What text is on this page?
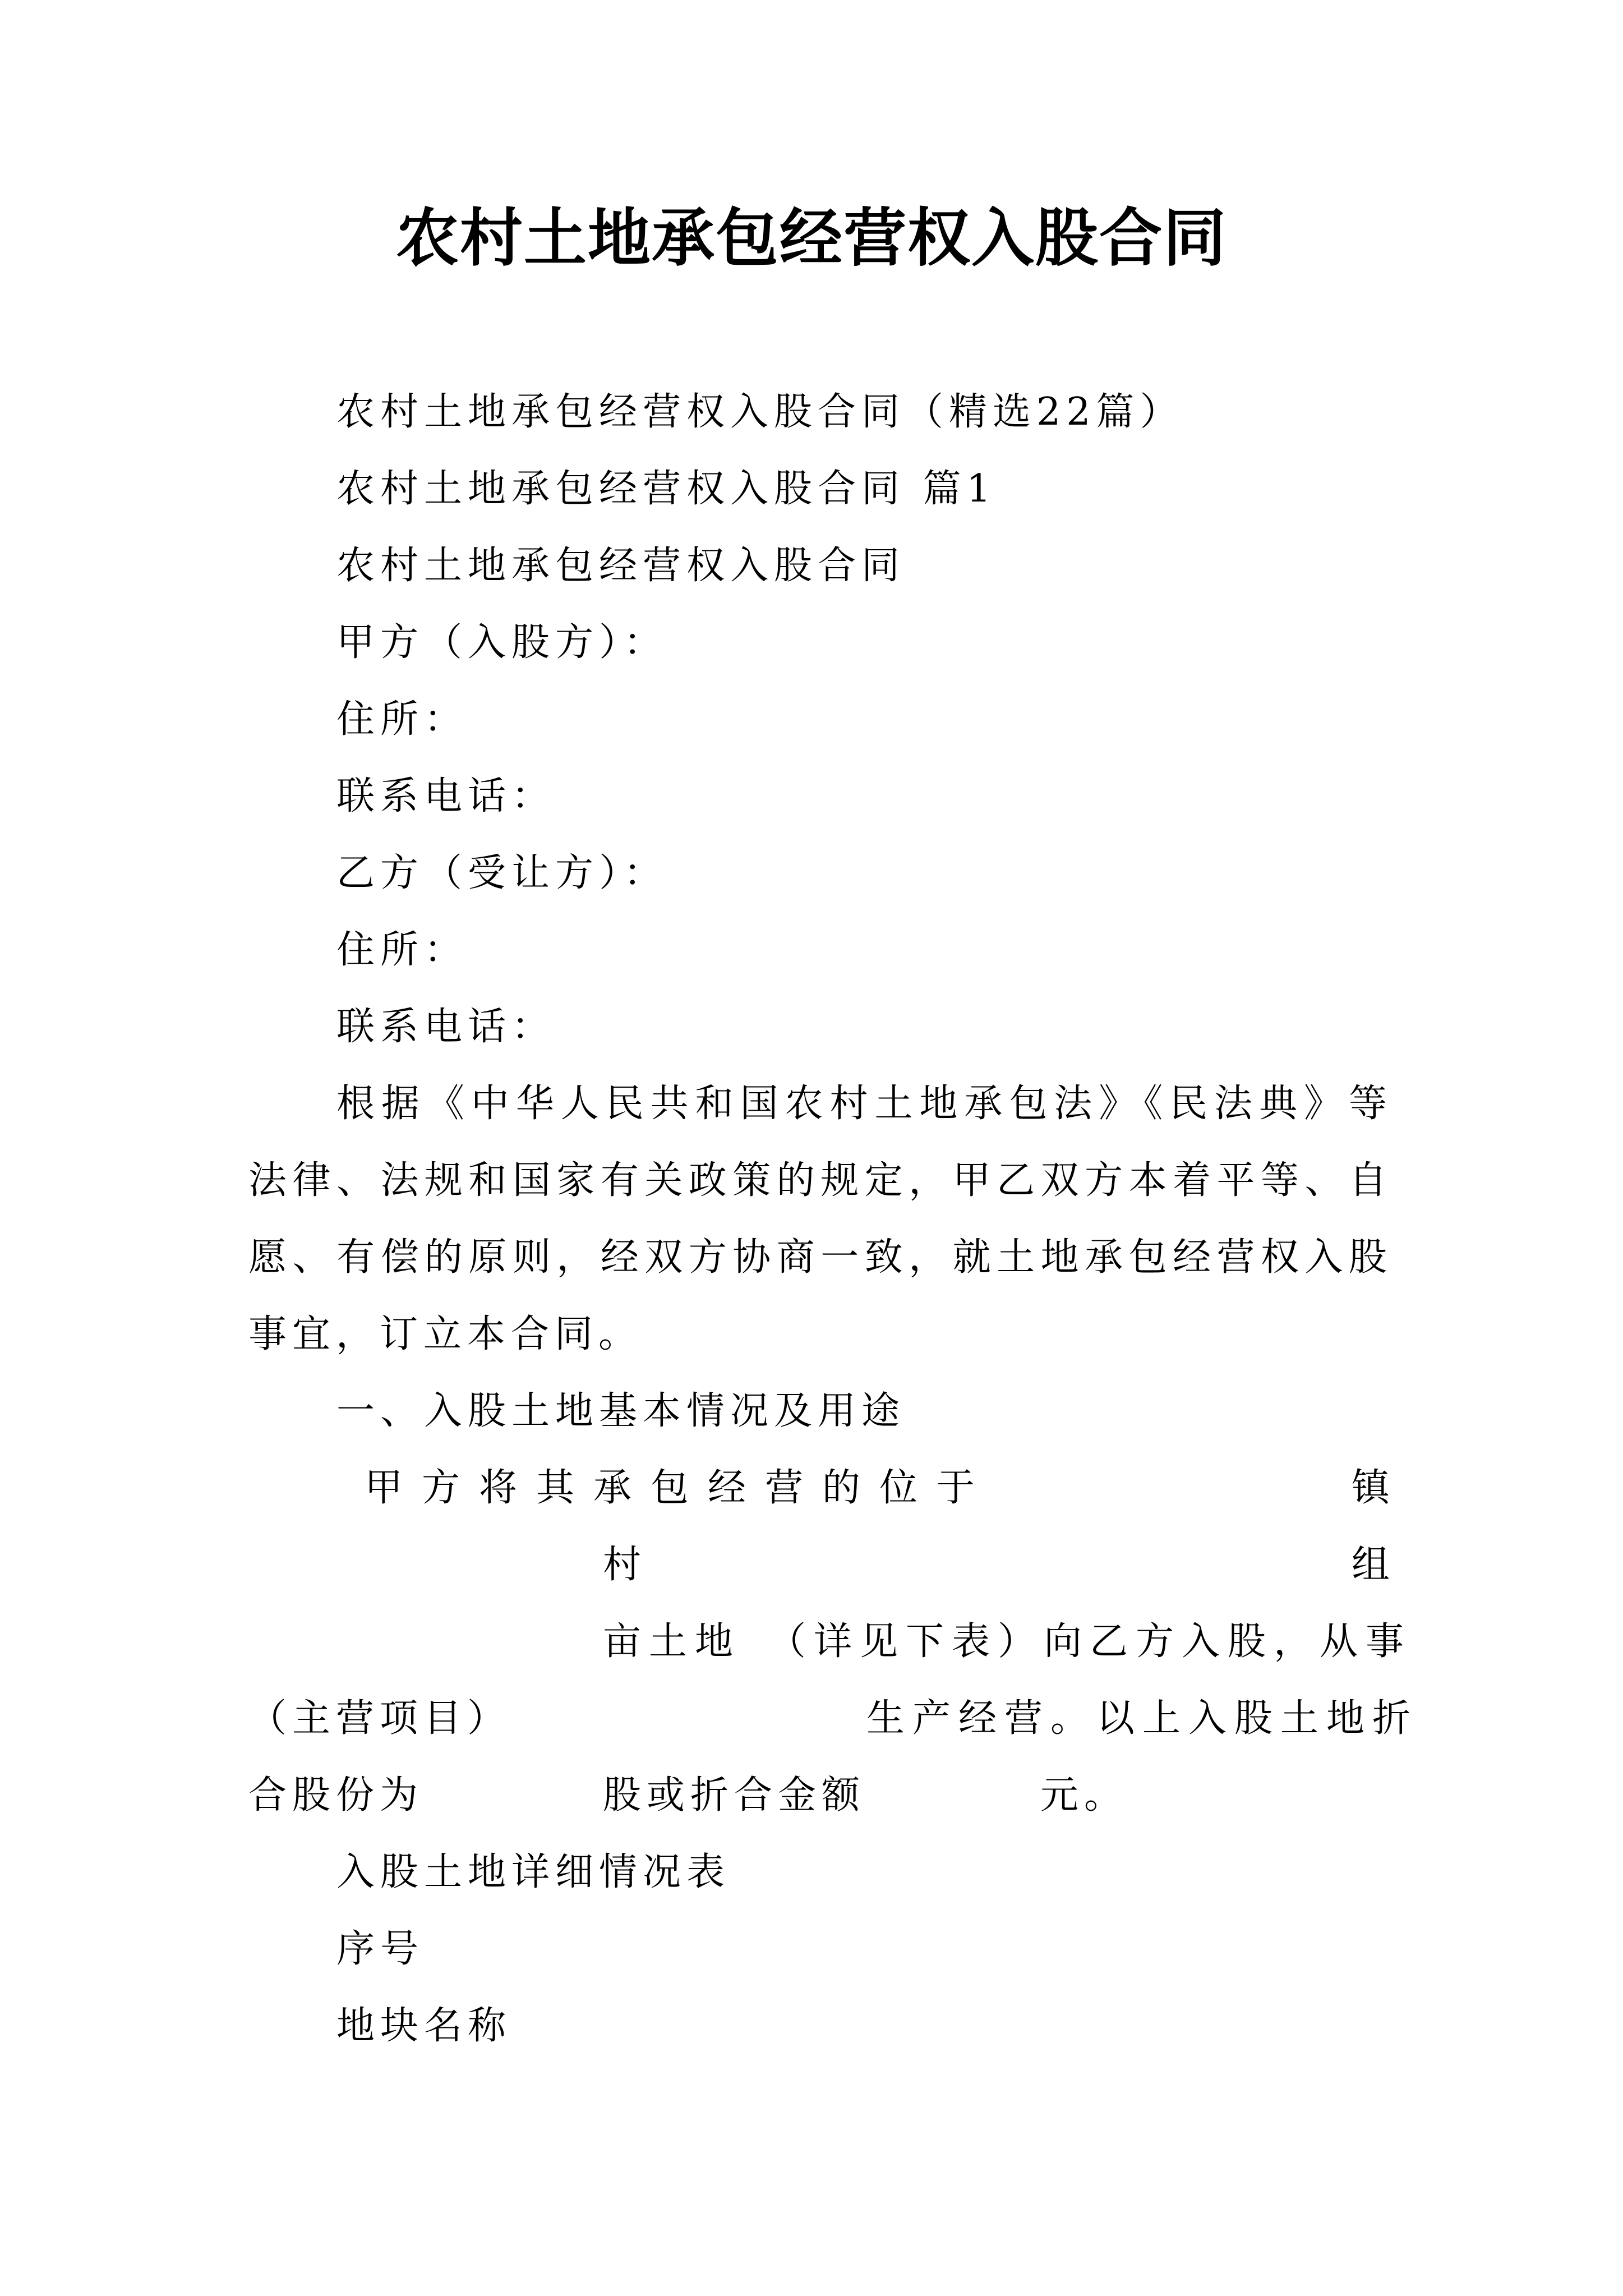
农村土地承包经营权入股合同
农村土地承包经营权入股合同（精选22篇）
农村土地承包经营权入股合同 篇1
农村土地承包经营权入股合同
甲方（入股方）：
住所：
联系电话：
乙方（受让方）：
住所：
联系电话：
根据《中华人民共和国农村土地承包法》《民法典》等
法律、法规和国家有关政策的规定，甲乙双方本着平等、自
愿、有偿的原则，经双方协商一致，就土地承包经营权入股
事宜，订立本合同。
一、入股土地基本情况及用途
甲方将其承包经营的位于	镇
村	组
亩土地　（详见下表）向乙方入股，从事
（主营项目）	生产经营。以上入股土地折
合股份为	股或折合金额	元。
入股土地详细情况表
序号
地块名称
